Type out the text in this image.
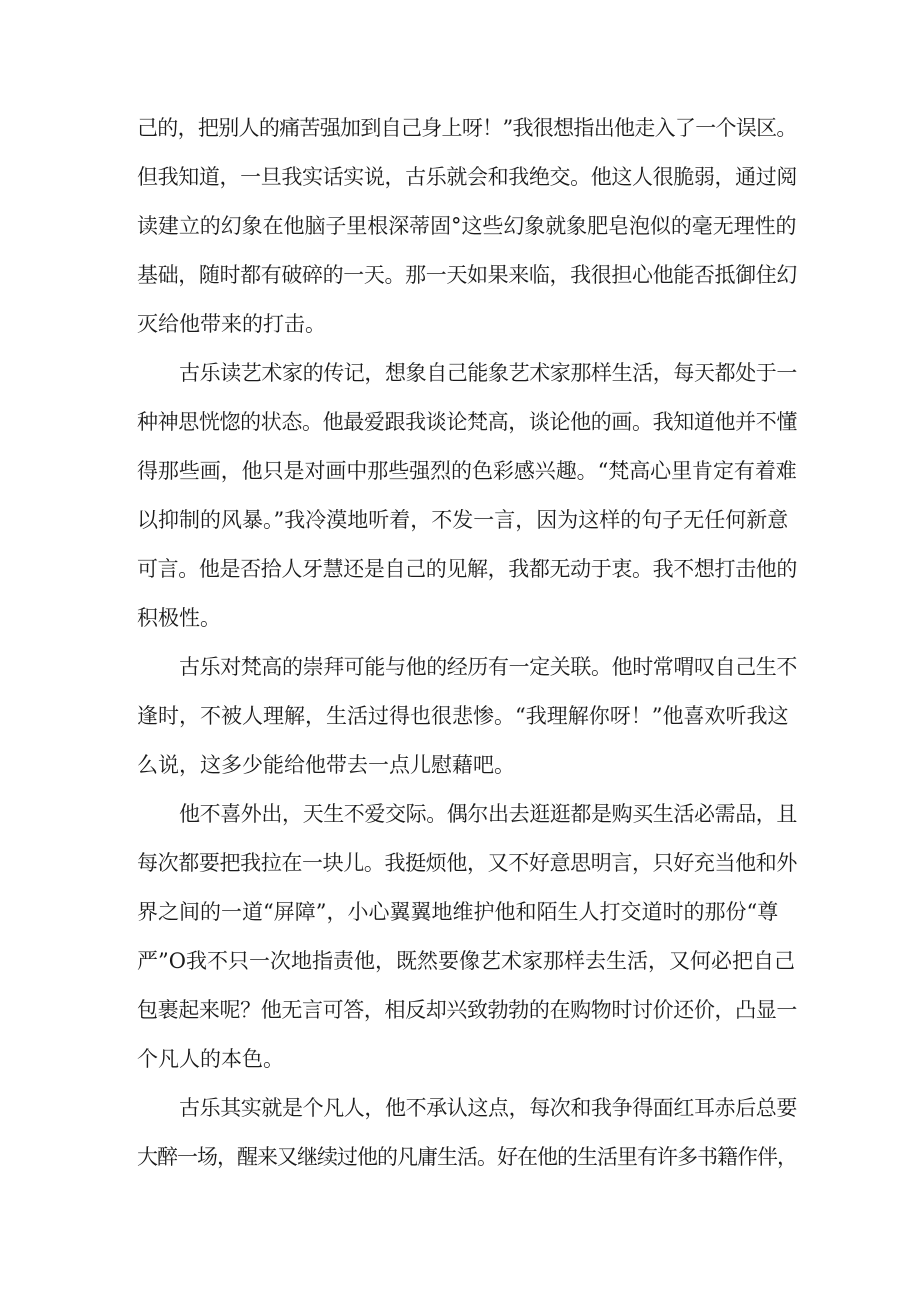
己的，把别人的痛苦强加到自己身上呀！”我很想指出他走入了一个误区。
但我知道，一旦我实话实说，古乐就会和我绝交。他这人很脆弱，通过阅
读建立的幻象在他脑子里根深蒂固°这些幻象就象肥皂泡似的毫无理性的
基础，随时都有破碎的一天。那一天如果来临，我很担心他能否抵御住幻
灭给他带来的打击。
古乐读艺术家的传记，想象自己能象艺术家那样生活，每天都处于一
种神思恍惚的状态。他最爱跟我谈论梵高，谈论他的画。我知道他并不懂
得那些画，他只是对画中那些强烈的色彩感兴趣。“梵高心里肯定有着难
以抑制的风暴。”我冷漠地听着，不发一言，因为这样的句子无任何新意
可言。他是否拾人牙慧还是自己的见解，我都无动于衷。我不想打击他的
积极性。
古乐对梵高的崇拜可能与他的经历有一定关联。他时常喟叹自己生不
逢时，不被人理解，生活过得也很悲惨。“我理解你呀！”他喜欢听我这
么说，这多少能给他带去一点儿慰藉吧。
他不喜外出，天生不爱交际。偶尔出去逛逛都是购买生活必需品，且
每次都要把我拉在一块儿。我挺烦他，又不好意思明言，只好充当他和外
界之间的一道“屏障”，小心翼翼地维护他和陌生人打交道时的那份“尊
严”O我不只一次地指责他，既然要像艺术家那样去生活，又何必把自己
包裹起来呢？他无言可答，相反却兴致勃勃的在购物时讨价还价，凸显一
个凡人的本色。
古乐其实就是个凡人，他不承认这点，每次和我争得面红耳赤后总要
大醉一场，醒来又继续过他的凡庸生活。好在他的生活里有许多书籍作伴，
